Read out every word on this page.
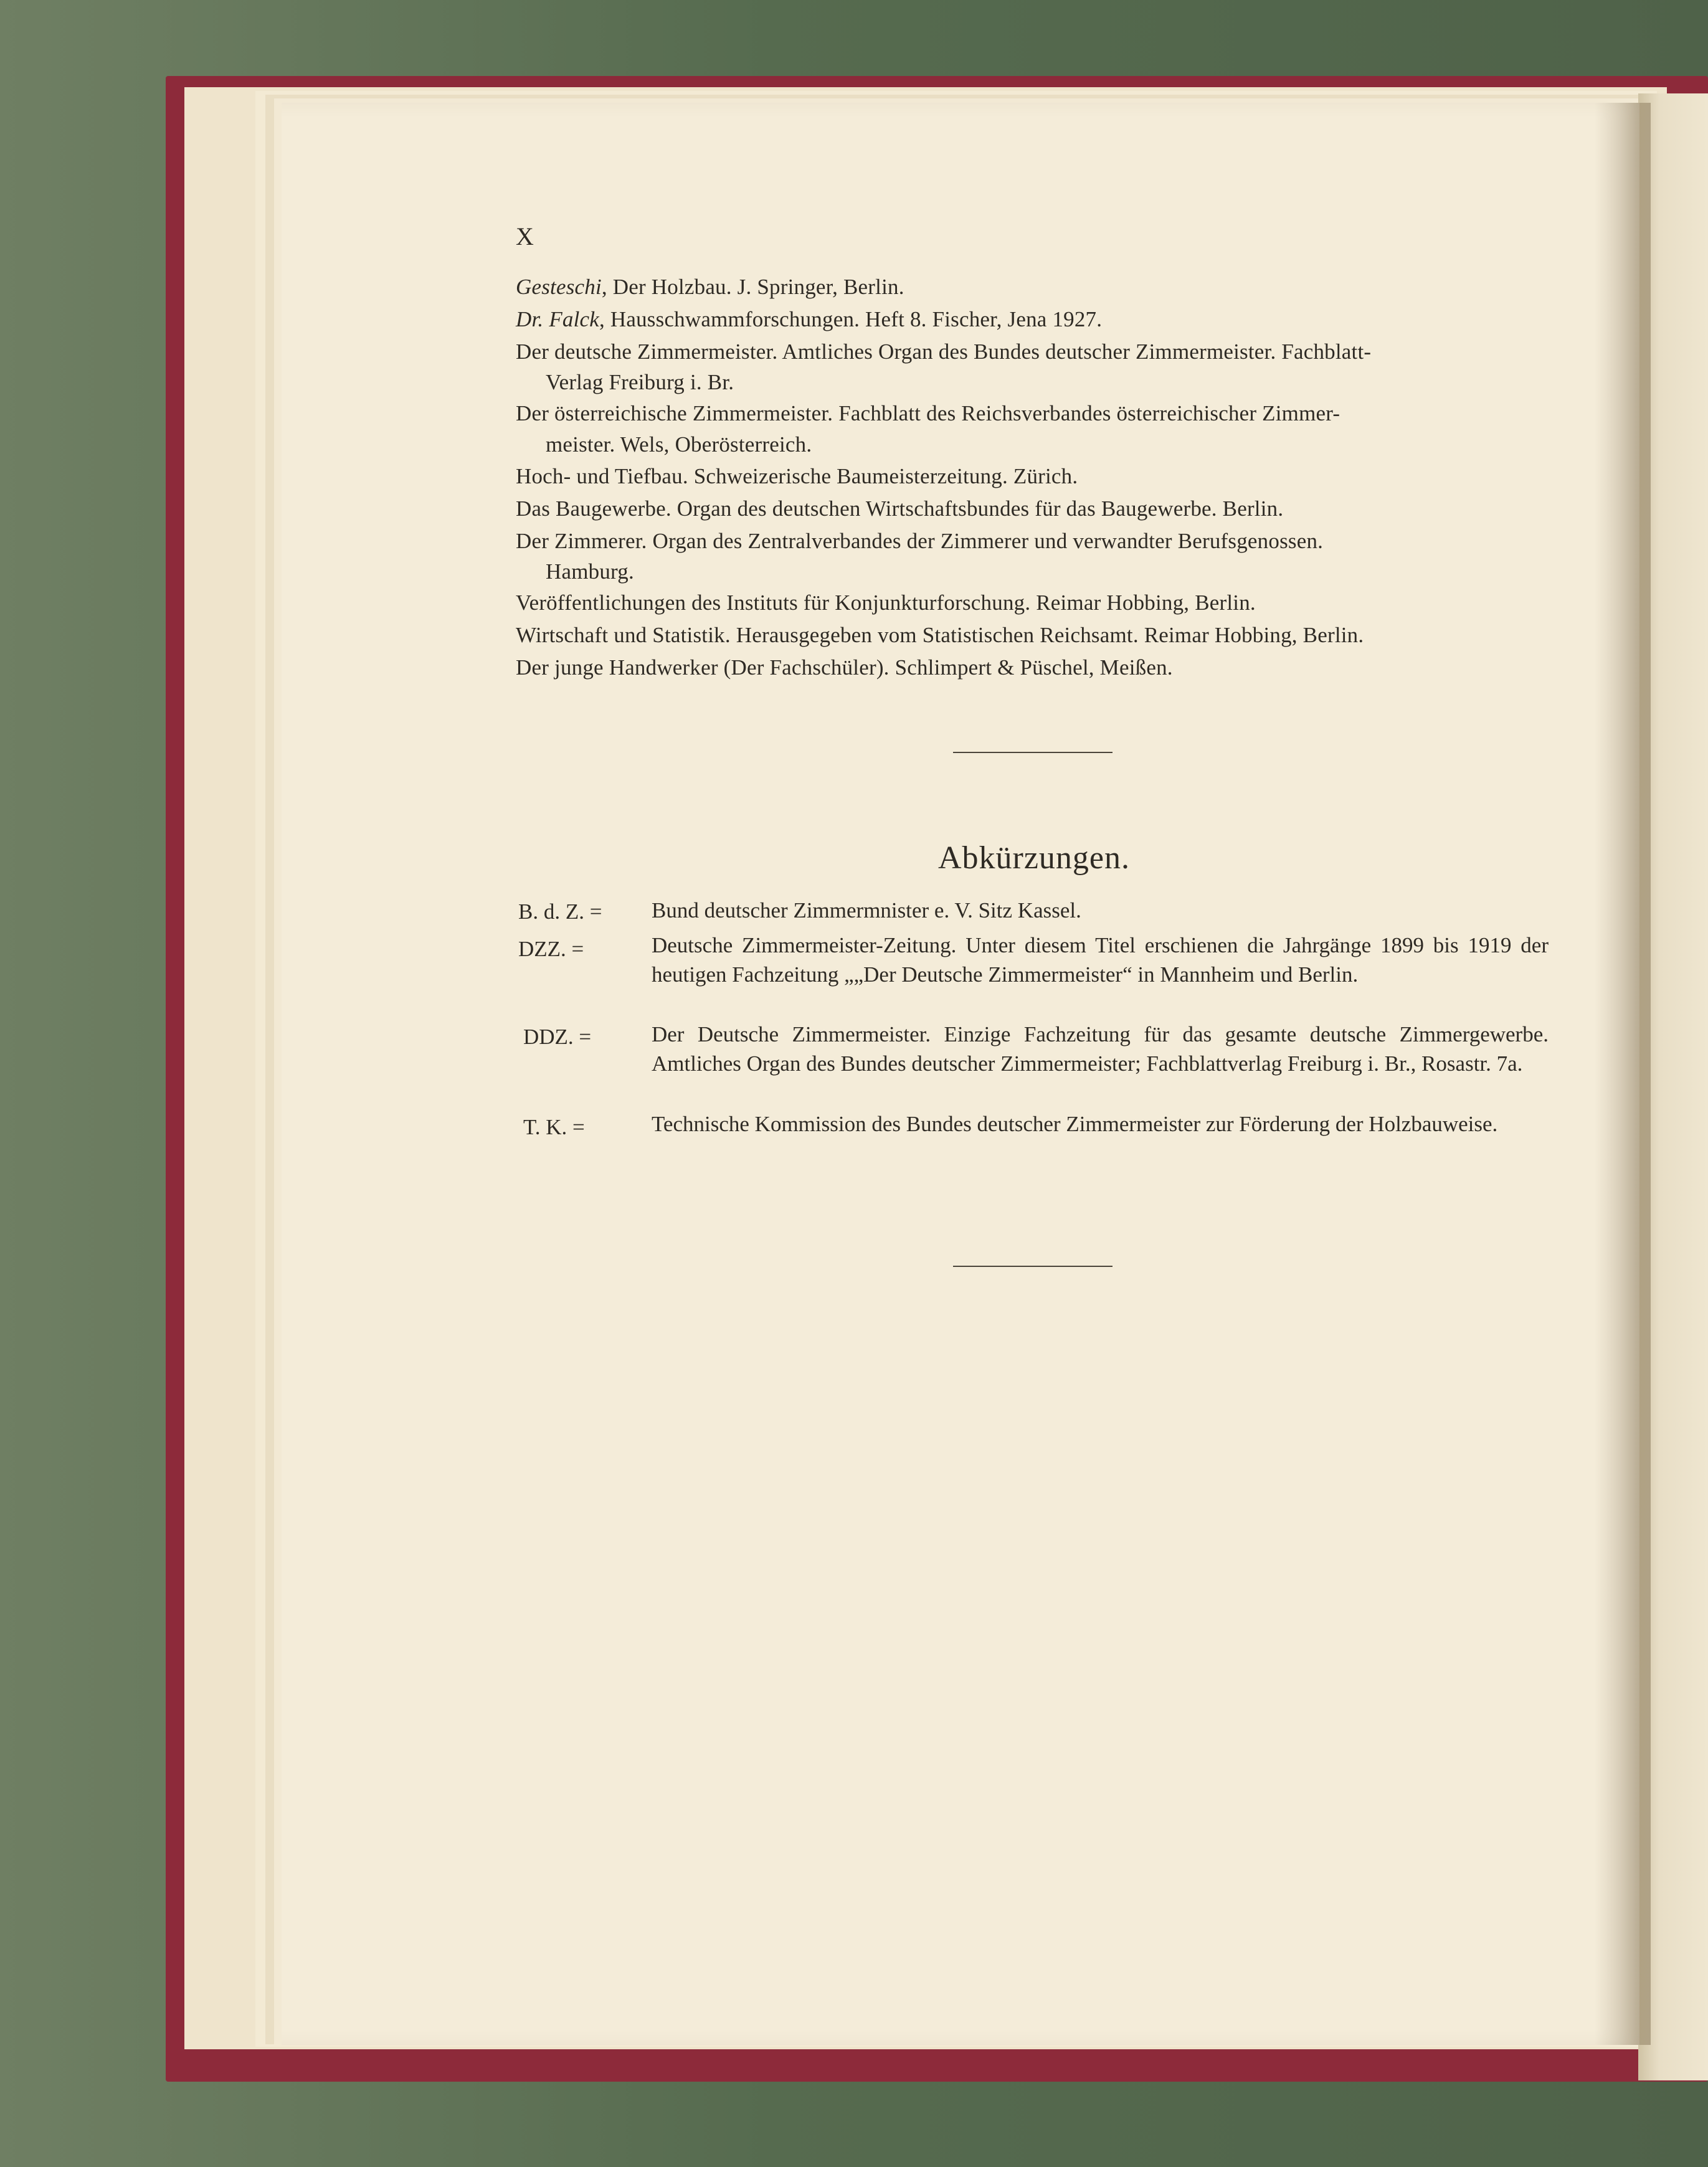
X
Gesteschi, Der Holzbau. J. Springer, Berlin.
Dr. Falck, Hausschwammforschungen. Heft 8. Fischer, Jena 1927.
Der deutsche Zimmermeister. Amtliches Organ des Bundes deutscher Zimmermeister. Fachblatt-
Verlag Freiburg i. Br.
Der österreichische Zimmermeister. Fachblatt des Reichsverbandes österreichischer Zimmer-
meister. Wels, Oberösterreich.
Hoch- und Tiefbau. Schweizerische Baumeisterzeitung. Zürich.
Das Baugewerbe. Organ des deutschen Wirtschaftsbundes für das Baugewerbe. Berlin.
Der Zimmerer. Organ des Zentralverbandes der Zimmerer und verwandter Berufsgenossen.
Hamburg.
Veröffentlichungen des Instituts für Konjunkturforschung. Reimar Hobbing, Berlin.
Wirtschaft und Statistik. Herausgegeben vom Statistischen Reichsamt. Reimar Hobbing, Berlin.
Der junge Handwerker (Der Fachschüler). Schlimpert & Püschel, Meißen.
Abkürzungen.
B. d. Z. = Bund deutscher Zimmermnister e. V. Sitz Kassel.
DZZ. =	Deutsche Zimmermeister-Zeitung. Unter diesem Titel erschienen die Jahrgänge 1899 bis 1919 der heutigen Fachzeitung „„Der Deutsche Zimmermeister“ in Mannheim und Berlin.
DDZ. =	Der Deutsche Zimmermeister. Einzige Fachzeitung für das gesamte deutsche Zimmergewerbe. Amtliches Organ des Bundes deutscher Zimmermeister; Fachblattverlag Freiburg i. Br., Rosastr. 7a.
T. K. =	Technische Kommission des Bundes deutscher Zimmermeister zur Förderung der Holzbauweise.
